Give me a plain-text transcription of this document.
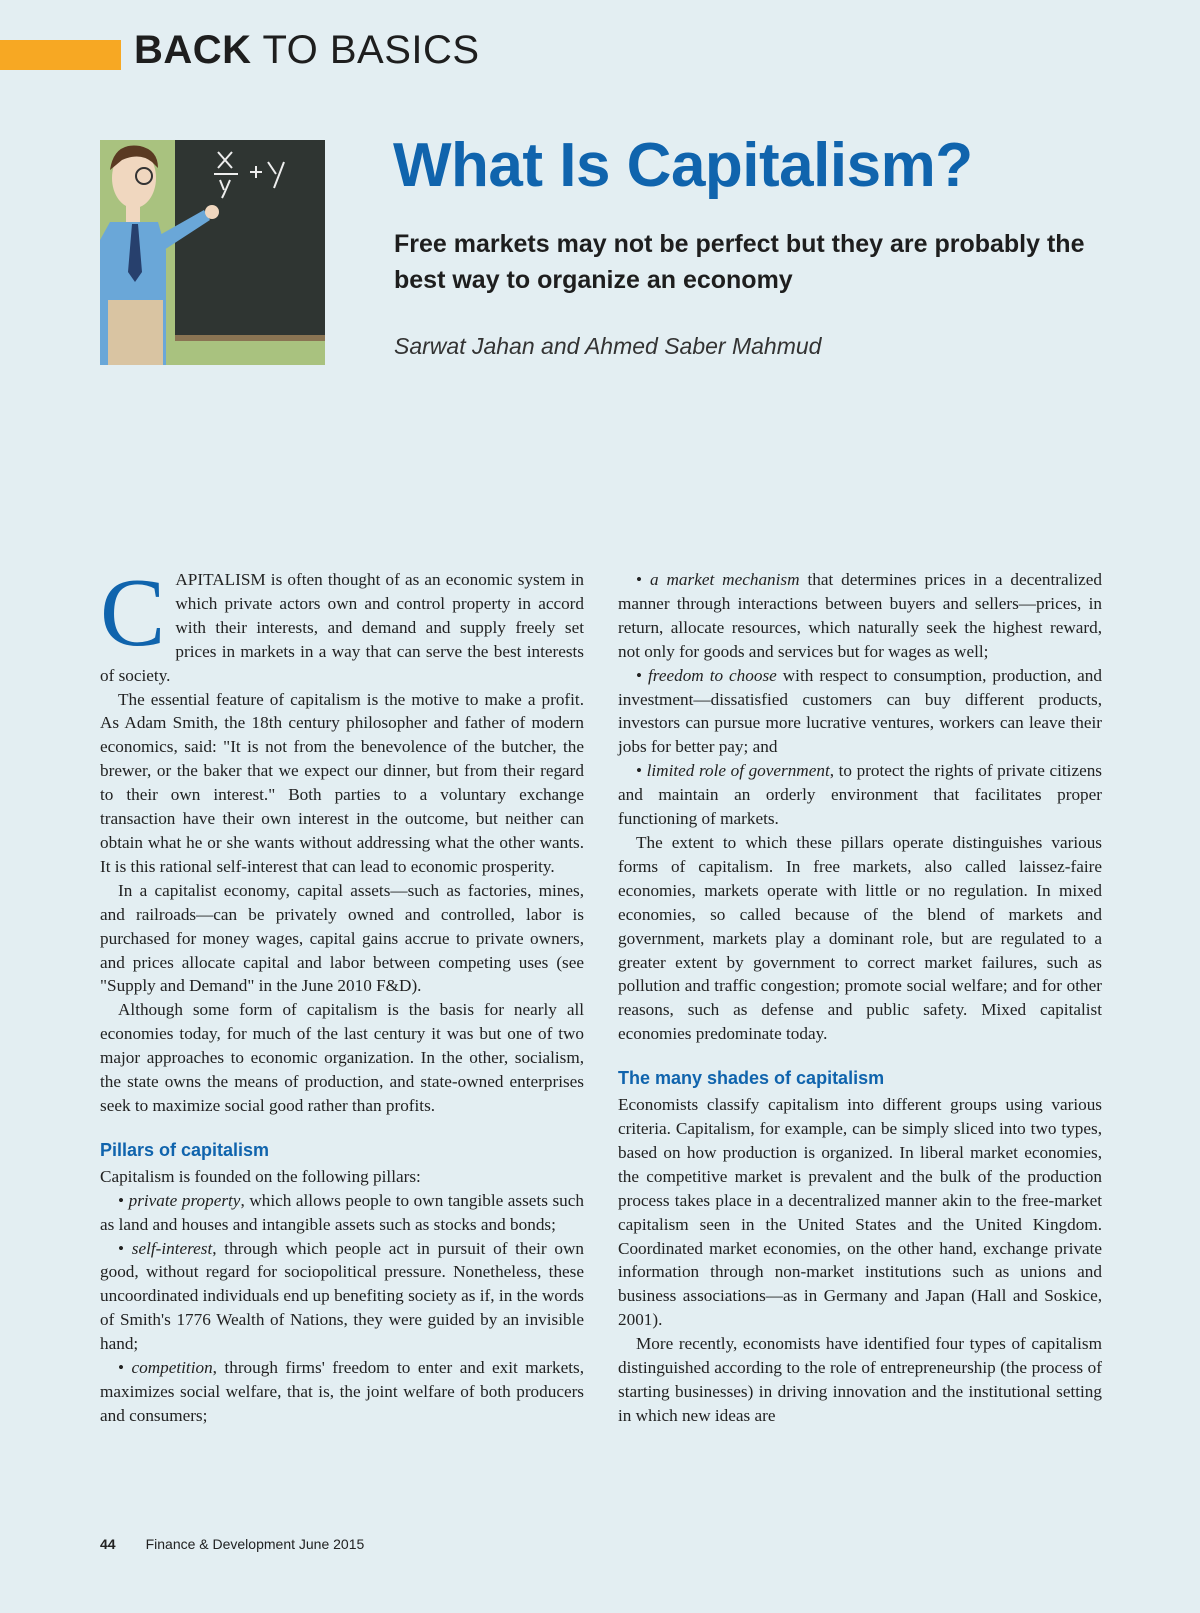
BACK TO BASICS
What Is Capitalism?

Free markets may not be perfect but they are probably the best way to organize an economy

Sarwat Jahan and Ahmed Saber Mahmud

CAPITALISM is often thought of as an economic system in which private actors own and control property in accord with their interests, and demand and supply freely set prices in markets in a way that can serve the best interests of society.

The essential feature of capitalism is the motive to make a profit. As Adam Smith, the 18th century philosopher and father of modern economics, said: "It is not from the benevolence of the butcher, the brewer, or the baker that we expect our dinner, but from their regard to their own interest." Both parties to a voluntary exchange transaction have their own interest in the outcome, but neither can obtain what he or she wants without addressing what the other wants. It is this rational self-interest that can lead to economic prosperity.

In a capitalist economy, capital assets—such as factories, mines, and railroads—can be privately owned and controlled, labor is purchased for money wages, capital gains accrue to private owners, and prices allocate capital and labor between competing uses (see "Supply and Demand" in the June 2010 F&D).

Although some form of capitalism is the basis for nearly all economies today, for much of the last century it was but one of two major approaches to economic organization. In the other, socialism, the state owns the means of production, and state-owned enterprises seek to maximize social good rather than profits.

Pillars of capitalism

Capitalism is founded on the following pillars:

• private property, which allows people to own tangible assets such as land and houses and intangible assets such as stocks and bonds;

• self-interest, through which people act in pursuit of their own good, without regard for sociopolitical pressure. Nonetheless, these uncoordinated individuals end up benefiting society as if, in the words of Smith's 1776 Wealth of Nations, they were guided by an invisible hand;

• competition, through firms' freedom to enter and exit markets, maximizes social welfare, that is, the joint welfare of both producers and consumers;

• a market mechanism that determines prices in a decentralized manner through interactions between buyers and sellers—prices, in return, allocate resources, which naturally seek the highest reward, not only for goods and services but for wages as well;

• freedom to choose with respect to consumption, production, and investment—dissatisfied customers can buy different products, investors can pursue more lucrative ventures, workers can leave their jobs for better pay; and

• limited role of government, to protect the rights of private citizens and maintain an orderly environment that facilitates proper functioning of markets.

The extent to which these pillars operate distinguishes various forms of capitalism. In free markets, also called laissez-faire economies, markets operate with little or no regulation. In mixed economies, so called because of the blend of markets and government, markets play a dominant role, but are regulated to a greater extent by government to correct market failures, such as pollution and traffic congestion; promote social welfare; and for other reasons, such as defense and public safety. Mixed capitalist economies predominate today.

The many shades of capitalism

Economists classify capitalism into different groups using various criteria. Capitalism, for example, can be simply sliced into two types, based on how production is organized. In liberal market economies, the competitive market is prevalent and the bulk of the production process takes place in a decentralized manner akin to the free-market capitalism seen in the United States and the United Kingdom. Coordinated market economies, on the other hand, exchange private information through non-market institutions such as unions and business associations—as in Germany and Japan (Hall and Soskice, 2001).

More recently, economists have identified four types of capitalism distinguished according to the role of entrepreneurship (the process of starting businesses) in driving innovation and the institutional setting in which new ideas are

44 Finance & Development June 2015
